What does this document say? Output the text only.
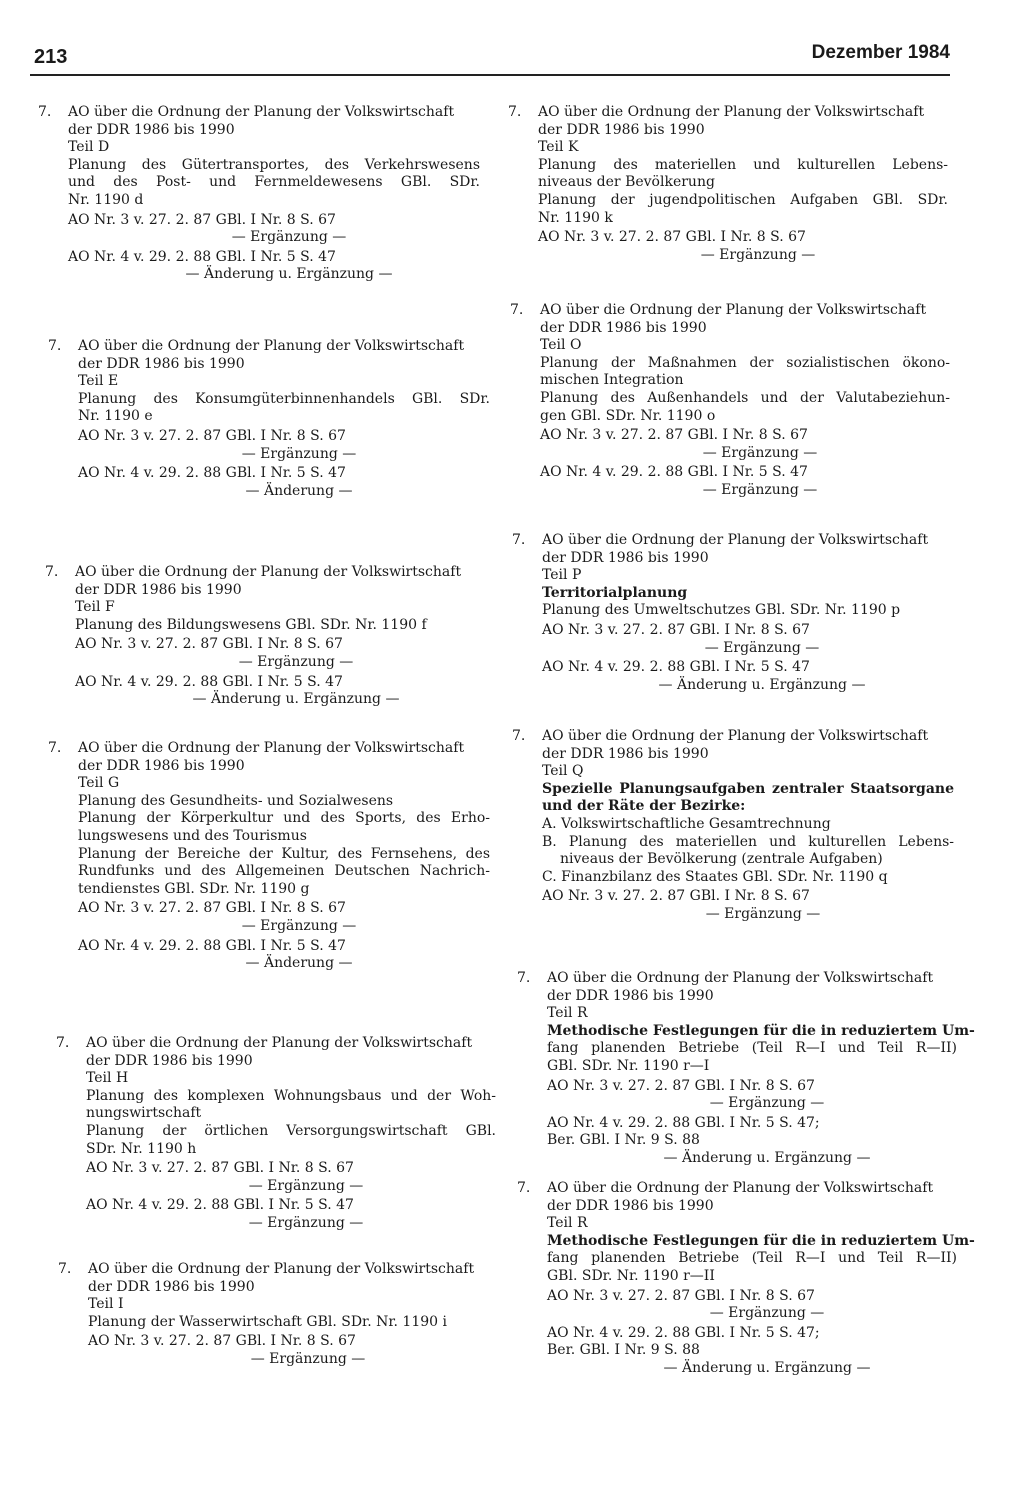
213	Dezember 1984
7. AO über die Ordnung der Planung der Volkswirtschaft
der DDR 1986 bis 1990
Teil D
Planung des Gütertransportes, des Verkehrswesens
und des Post- und Fernmeldewesens GBl. SDr.
Nr. 1190 d
AO Nr. 3 v. 27. 2. 87 GBl. I Nr. 8 S. 67
— Ergänzung —
AO Nr. 4 v. 29. 2. 88 GBl. I Nr. 5 S. 47
— Änderung u. Ergänzung —
7. AO über die Ordnung der Planung der Volkswirtschaft
der DDR 1986 bis 1990
Teil E
Planung des Konsumgüterbinnenhandels GBl. SDr.
Nr. 1190 e
AO Nr. 3 v. 27. 2. 87 GBl. I Nr. 8 S. 67
— Ergänzung —
AO Nr. 4 v. 29. 2. 88 GBl. I Nr. 5 S. 47
— Änderung —
7. AO über die Ordnung der Planung der Volkswirtschaft
der DDR 1986 bis 1990
Teil F
Planung des Bildungswesens GBl. SDr. Nr. 1190 f
AO Nr. 3 v. 27. 2. 87 GBl. I Nr. 8 S. 67
— Ergänzung —
AO Nr. 4 v. 29. 2. 88 GBl. I Nr. 5 S. 47
— Änderung u. Ergänzung —
7. AO über die Ordnung der Planung der Volkswirtschaft
der DDR 1986 bis 1990
Teil G
Planung des Gesundheits- und Sozialwesens
Planung der Körperkultur und des Sports, des Erho-
lungswesens und des Tourismus
Planung der Bereiche der Kultur, des Fernsehens, des
Rundfunks und des Allgemeinen Deutschen Nachrich-
tendienstes GBl. SDr. Nr. 1190 g
AO Nr. 3 v. 27. 2. 87 GBl. I Nr. 8 S. 67
— Ergänzung —
AO Nr. 4 v. 29. 2. 88 GBl. I Nr. 5 S. 47
— Änderung —
7. AO über die Ordnung der Planung der Volkswirtschaft
der DDR 1986 bis 1990
Teil H
Planung des komplexen Wohnungsbaus und der Woh-
nungswirtschaft
Planung der örtlichen Versorgungswirtschaft GBl.
SDr. Nr. 1190 h
AO Nr. 3 v. 27. 2. 87 GBl. I Nr. 8 S. 67
— Ergänzung —
AO Nr. 4 v. 29. 2. 88 GBl. I Nr. 5 S. 47
— Ergänzung —
7. AO über die Ordnung der Planung der Volkswirtschaft
der DDR 1986 bis 1990
Teil I
Planung der Wasserwirtschaft GBl. SDr. Nr. 1190 i
AO Nr. 3 v. 27. 2. 87 GBl. I Nr. 8 S. 67
— Ergänzung —
7. AO über die Ordnung der Planung der Volkswirtschaft
der DDR 1986 bis 1990
Teil K
Planung des materiellen und kulturellen Lebens-
niveaus der Bevölkerung
Planung der jugendpolitischen Aufgaben GBl. SDr.
Nr. 1190 k
AO Nr. 3 v. 27. 2. 87 GBl. I Nr. 8 S. 67
— Ergänzung —
7. AO über die Ordnung der Planung der Volkswirtschaft
der DDR 1986 bis 1990
Teil O
Planung der Maßnahmen der sozialistischen ökono-
mischen Integration
Planung des Außenhandels und der Valutabeziehun-
gen GBl. SDr. Nr. 1190 o
AO Nr. 3 v. 27. 2. 87 GBl. I Nr. 8 S. 67
— Ergänzung —
AO Nr. 4 v. 29. 2. 88 GBl. I Nr. 5 S. 47
— Ergänzung —
7. AO über die Ordnung der Planung der Volkswirtschaft
der DDR 1986 bis 1990
Teil P
Territorialplanung
Planung des Umweltschutzes GBl. SDr. Nr. 1190 p
AO Nr. 3 v. 27. 2. 87 GBl. I Nr. 8 S. 67
— Ergänzung —
AO Nr. 4 v. 29. 2. 88 GBl. I Nr. 5 S. 47
— Änderung u. Ergänzung —
7. AO über die Ordnung der Planung der Volkswirtschaft
der DDR 1986 bis 1990
Teil Q
Spezielle Planungsaufgaben zentraler Staatsorgane
und der Räte der Bezirke:
A. Volkswirtschaftliche Gesamtrechnung
B. Planung des materiellen und kulturellen Lebens-
niveaus der Bevölkerung (zentrale Aufgaben)
C. Finanzbilanz des Staates GBl. SDr. Nr. 1190 q
AO Nr. 3 v. 27. 2. 87 GBl. I Nr. 8 S. 67
— Ergänzung —
7. AO über die Ordnung der Planung der Volkswirtschaft
der DDR 1986 bis 1990
Teil R
Methodische Festlegungen für die in reduziertem Um-
fang planenden Betriebe (Teil R—I und Teil R—II)
GBl. SDr. Nr. 1190 r—I
AO Nr. 3 v. 27. 2. 87 GBl. I Nr. 8 S. 67
— Ergänzung —
AO Nr. 4 v. 29. 2. 88 GBl. I Nr. 5 S. 47;
Ber. GBl. I Nr. 9 S. 88
— Änderung u. Ergänzung —
7. AO über die Ordnung der Planung der Volkswirtschaft
der DDR 1986 bis 1990
Teil R
Methodische Festlegungen für die in reduziertem Um-
fang planenden Betriebe (Teil R—I und Teil R—II)
GBl. SDr. Nr. 1190 r—II
AO Nr. 3 v. 27. 2. 87 GBl. I Nr. 8 S. 67
— Ergänzung —
AO Nr. 4 v. 29. 2. 88 GBl. I Nr. 5 S. 47;
Ber. GBl. I Nr. 9 S. 88
— Änderung u. Ergänzung —
